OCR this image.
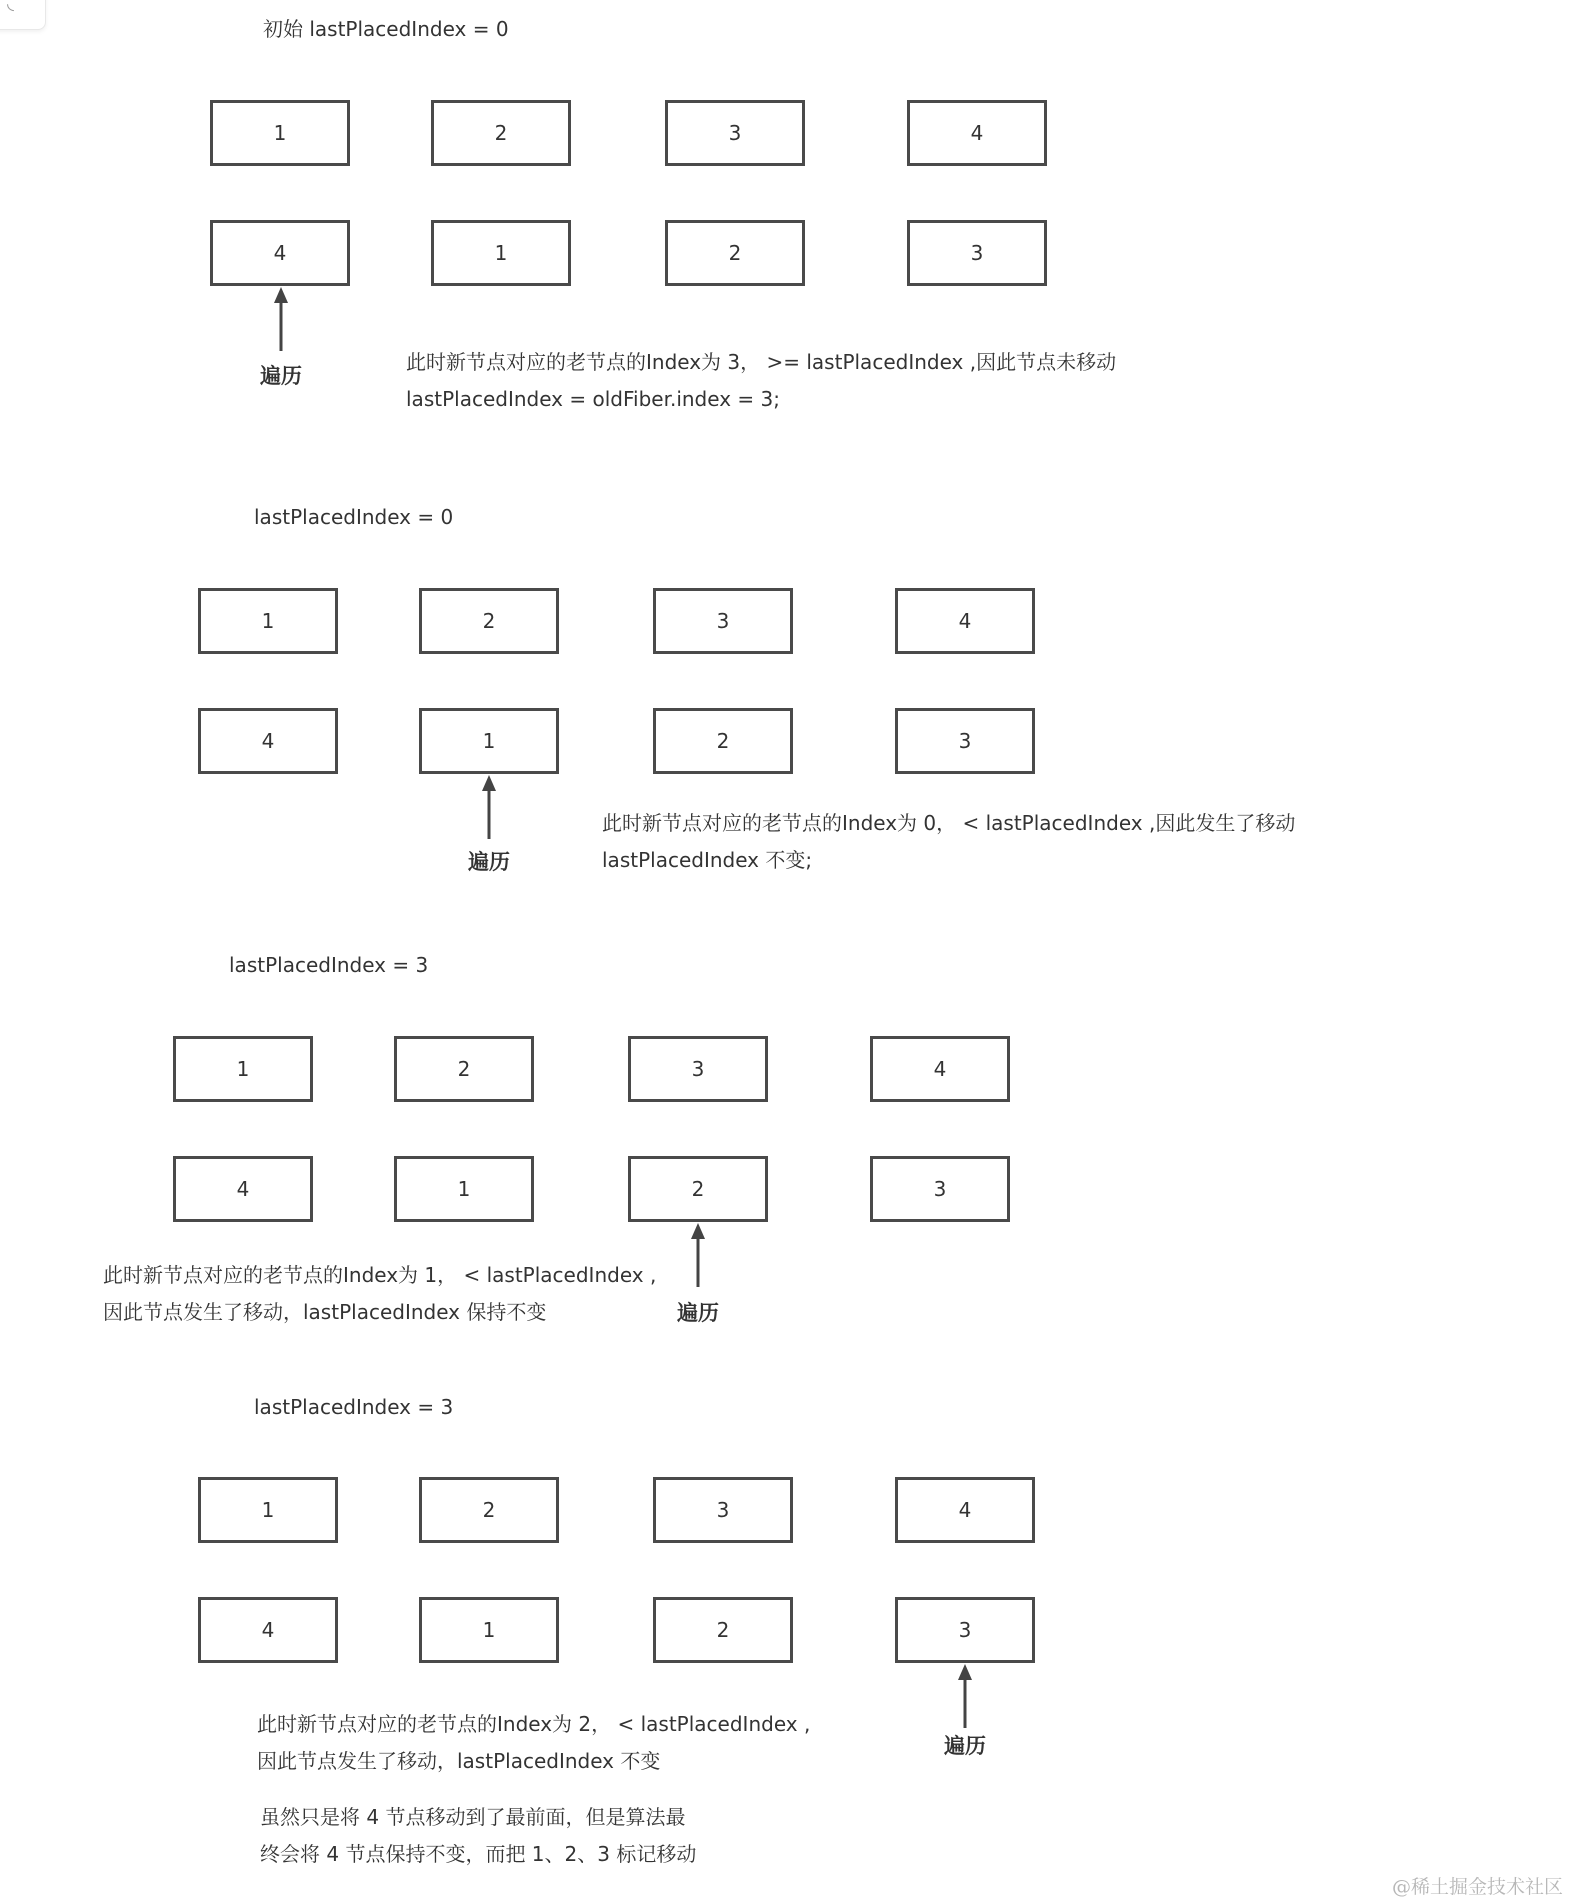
◟
初始 lastPlacedIndex = 0
1	2	3	4
4	1	2	3
遍历
此时新节点对应的老节点的Index为 3， >= lastPlacedIndex ,因此节点未移动
lastPlacedIndex = oldFiber.index = 3;
lastPlacedIndex = 0
1	2	3	4
4	1	2	3
遍历
此时新节点对应的老节点的Index为 0， < lastPlacedIndex ,因此发生了移动
lastPlacedIndex 不变;
lastPlacedIndex = 3
1	2	3	4
4	1	2	3
遍历
此时新节点对应的老节点的Index为 1， < lastPlacedIndex ,
因此节点发生了移动，lastPlacedIndex 保持不变
lastPlacedIndex = 3
1	2	3	4
4	1	2	3
遍历
此时新节点对应的老节点的Index为 2， < lastPlacedIndex ,
因此节点发生了移动，lastPlacedIndex 不变
虽然只是将 4 节点移动到了最前面，但是算法最
终会将 4 节点保持不变，而把 1、2、3 标记移动
@稀土掘金技术社区
